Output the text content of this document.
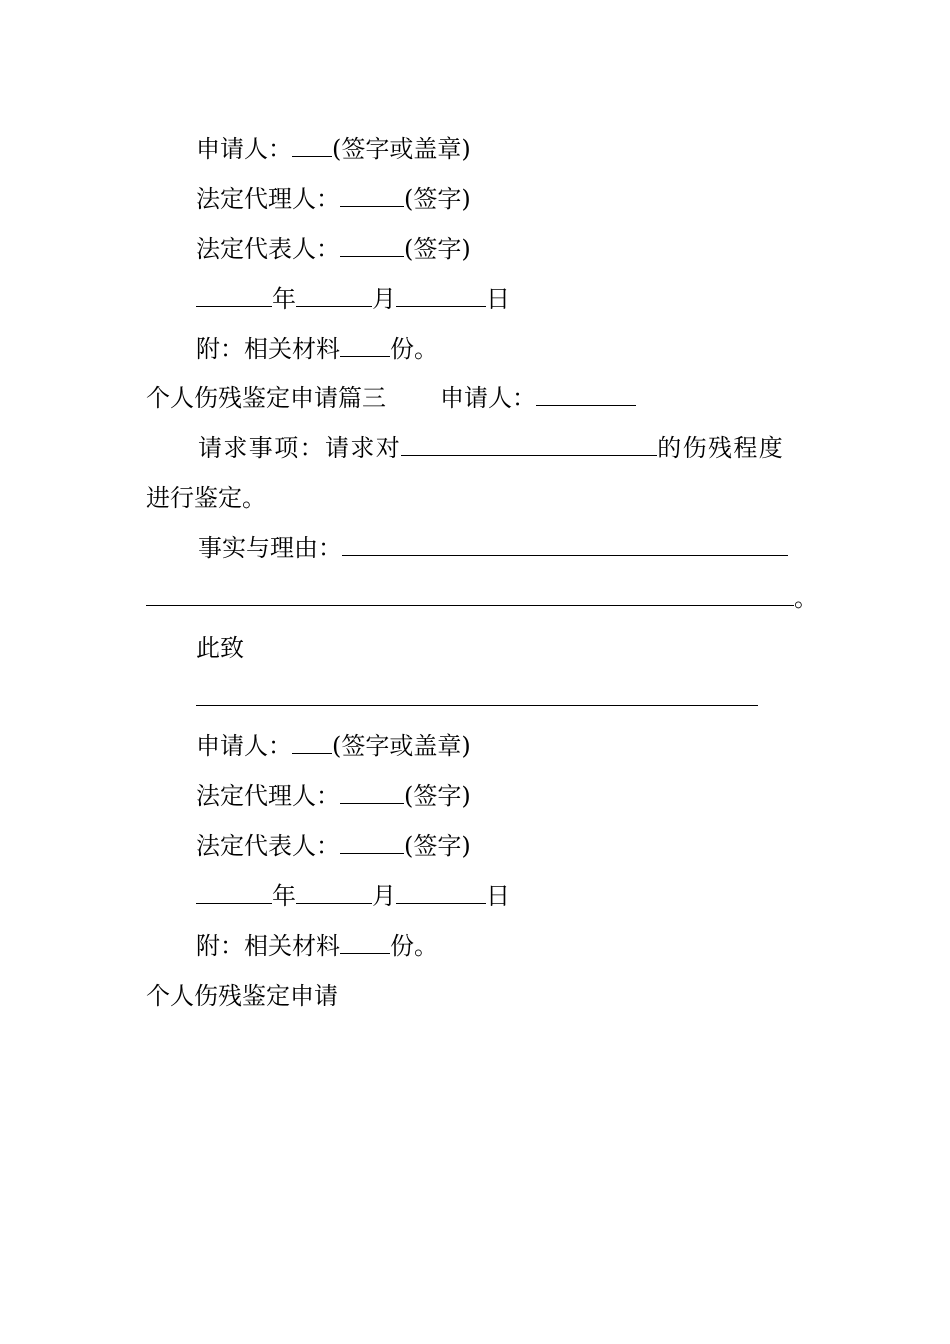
申请人： (签字或盖章)
法定代理人：	(签字)
法定代表人：	(签字)
年	月	日
附：相关材料 份。
个人伤残鉴定申请篇三 申请人：
请求事项：请求对	的伤残程度
进行鉴定。
事实与理由：
。
此致
申请人： (签字或盖章)
法定代理人：	(签字)
法定代表人：	(签字)
年	月	日
附：相关材料 份。
个人伤残鉴定申请
